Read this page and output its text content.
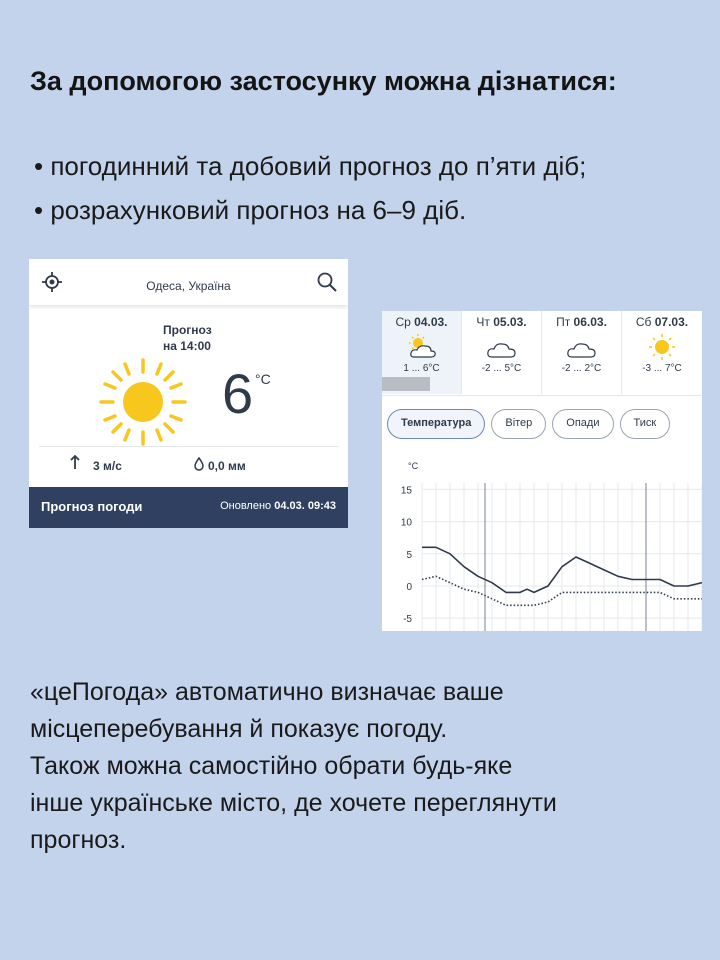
За допомогою застосунку можна дізнатися:
• погодинний та добовий прогноз до п’яти діб;
• розрахунковий прогноз на 6–9 діб.
Одеса, Україна
Прогноз
на 14:00
6 °C
3 м/с	0,0 мм
Прогноз погоди	Оновлено 04.03. 09:43
Ср 04.03.
1 ... 6°C
Чт 05.03.
-2 ... 5°C
Пт 06.03.
-2 ... 2°C
Сб 07.03.
-3 ... 7°C
Температура	Вітер	Опади	Тиск
15
10
5
0
-5
°C
«цеПогода» автоматично визначає ваше
місцеперебування й показує погоду.
Також можна самостійно обрати будь-яке
інше українське місто, де хочете переглянути
прогноз.
